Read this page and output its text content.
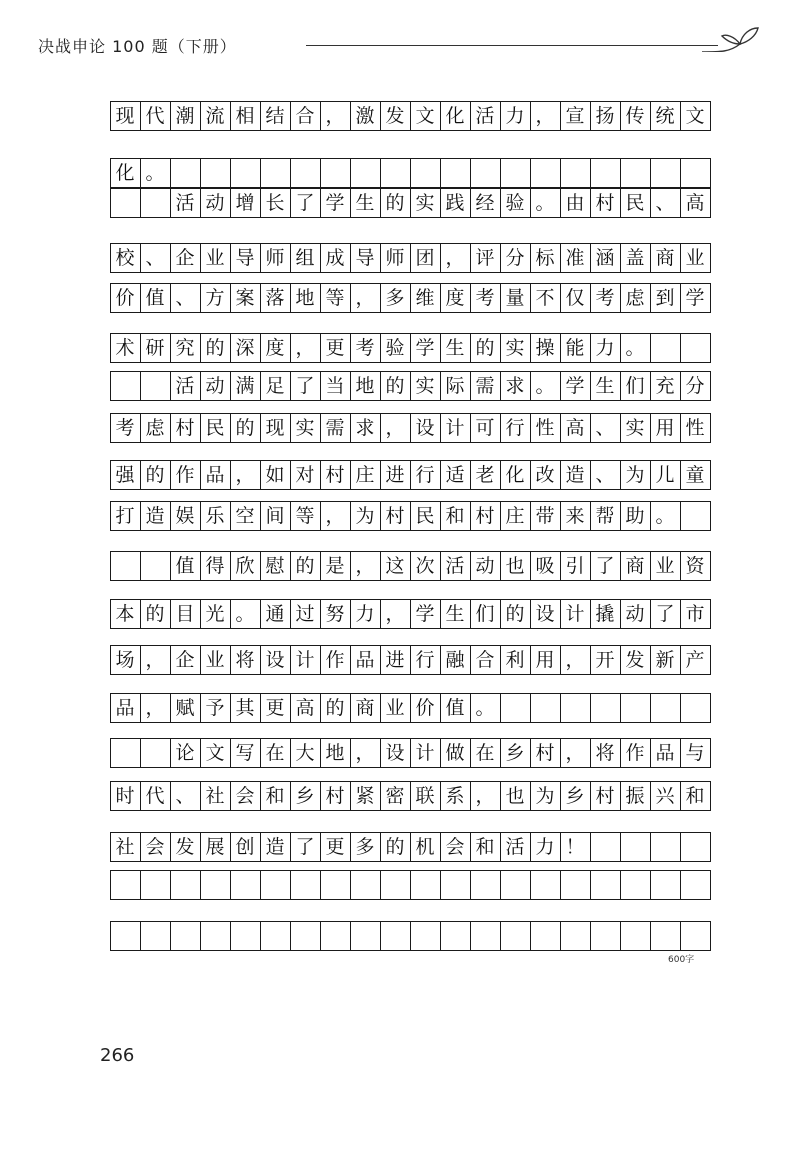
决战申论 100 题（下册）
现 代 潮 流 相 结 合 ， 激 发 文 化 活 力 ， 宣 扬 传 统 文
化 。
活 动 增 长 了 学 生 的 实 践 经 验 。 由 村 民 、 高
校 、 企 业 导 师 组 成 导 师 团 ， 评 分 标 准 涵 盖 商 业
价 值 、 方 案 落 地 等 ， 多 维 度 考 量 不 仅 考 虑 到 学
术 研 究 的 深 度 ， 更 考 验 学 生 的 实 操 能 力 。
活 动 满 足 了 当 地 的 实 际 需 求 。 学 生 们 充 分
考 虑 村 民 的 现 实 需 求 ， 设 计 可 行 性 高 、 实 用 性
强 的 作 品 ， 如 对 村 庄 进 行 适 老 化 改 造 、 为 儿 童
打 造 娱 乐 空 间 等 ， 为 村 民 和 村 庄 带 来 帮 助 。
值 得 欣 慰 的 是 ， 这 次 活 动 也 吸 引 了 商 业 资
本 的 目 光 。 通 过 努 力 ， 学 生 们 的 设 计 撬 动 了 市
场 ， 企 业 将 设 计 作 品 进 行 融 合 利 用 ， 开 发 新 产
品 ， 赋 予 其 更 高 的 商 业 价 值 。
论 文 写 在 大 地 ， 设 计 做 在 乡 村 ， 将 作 品 与
时 代 、 社 会 和 乡 村 紧 密 联 系 ， 也 为 乡 村 振 兴 和
社 会 发 展 创 造 了 更 多 的 机 会 和 活 力 ！
600字
266
